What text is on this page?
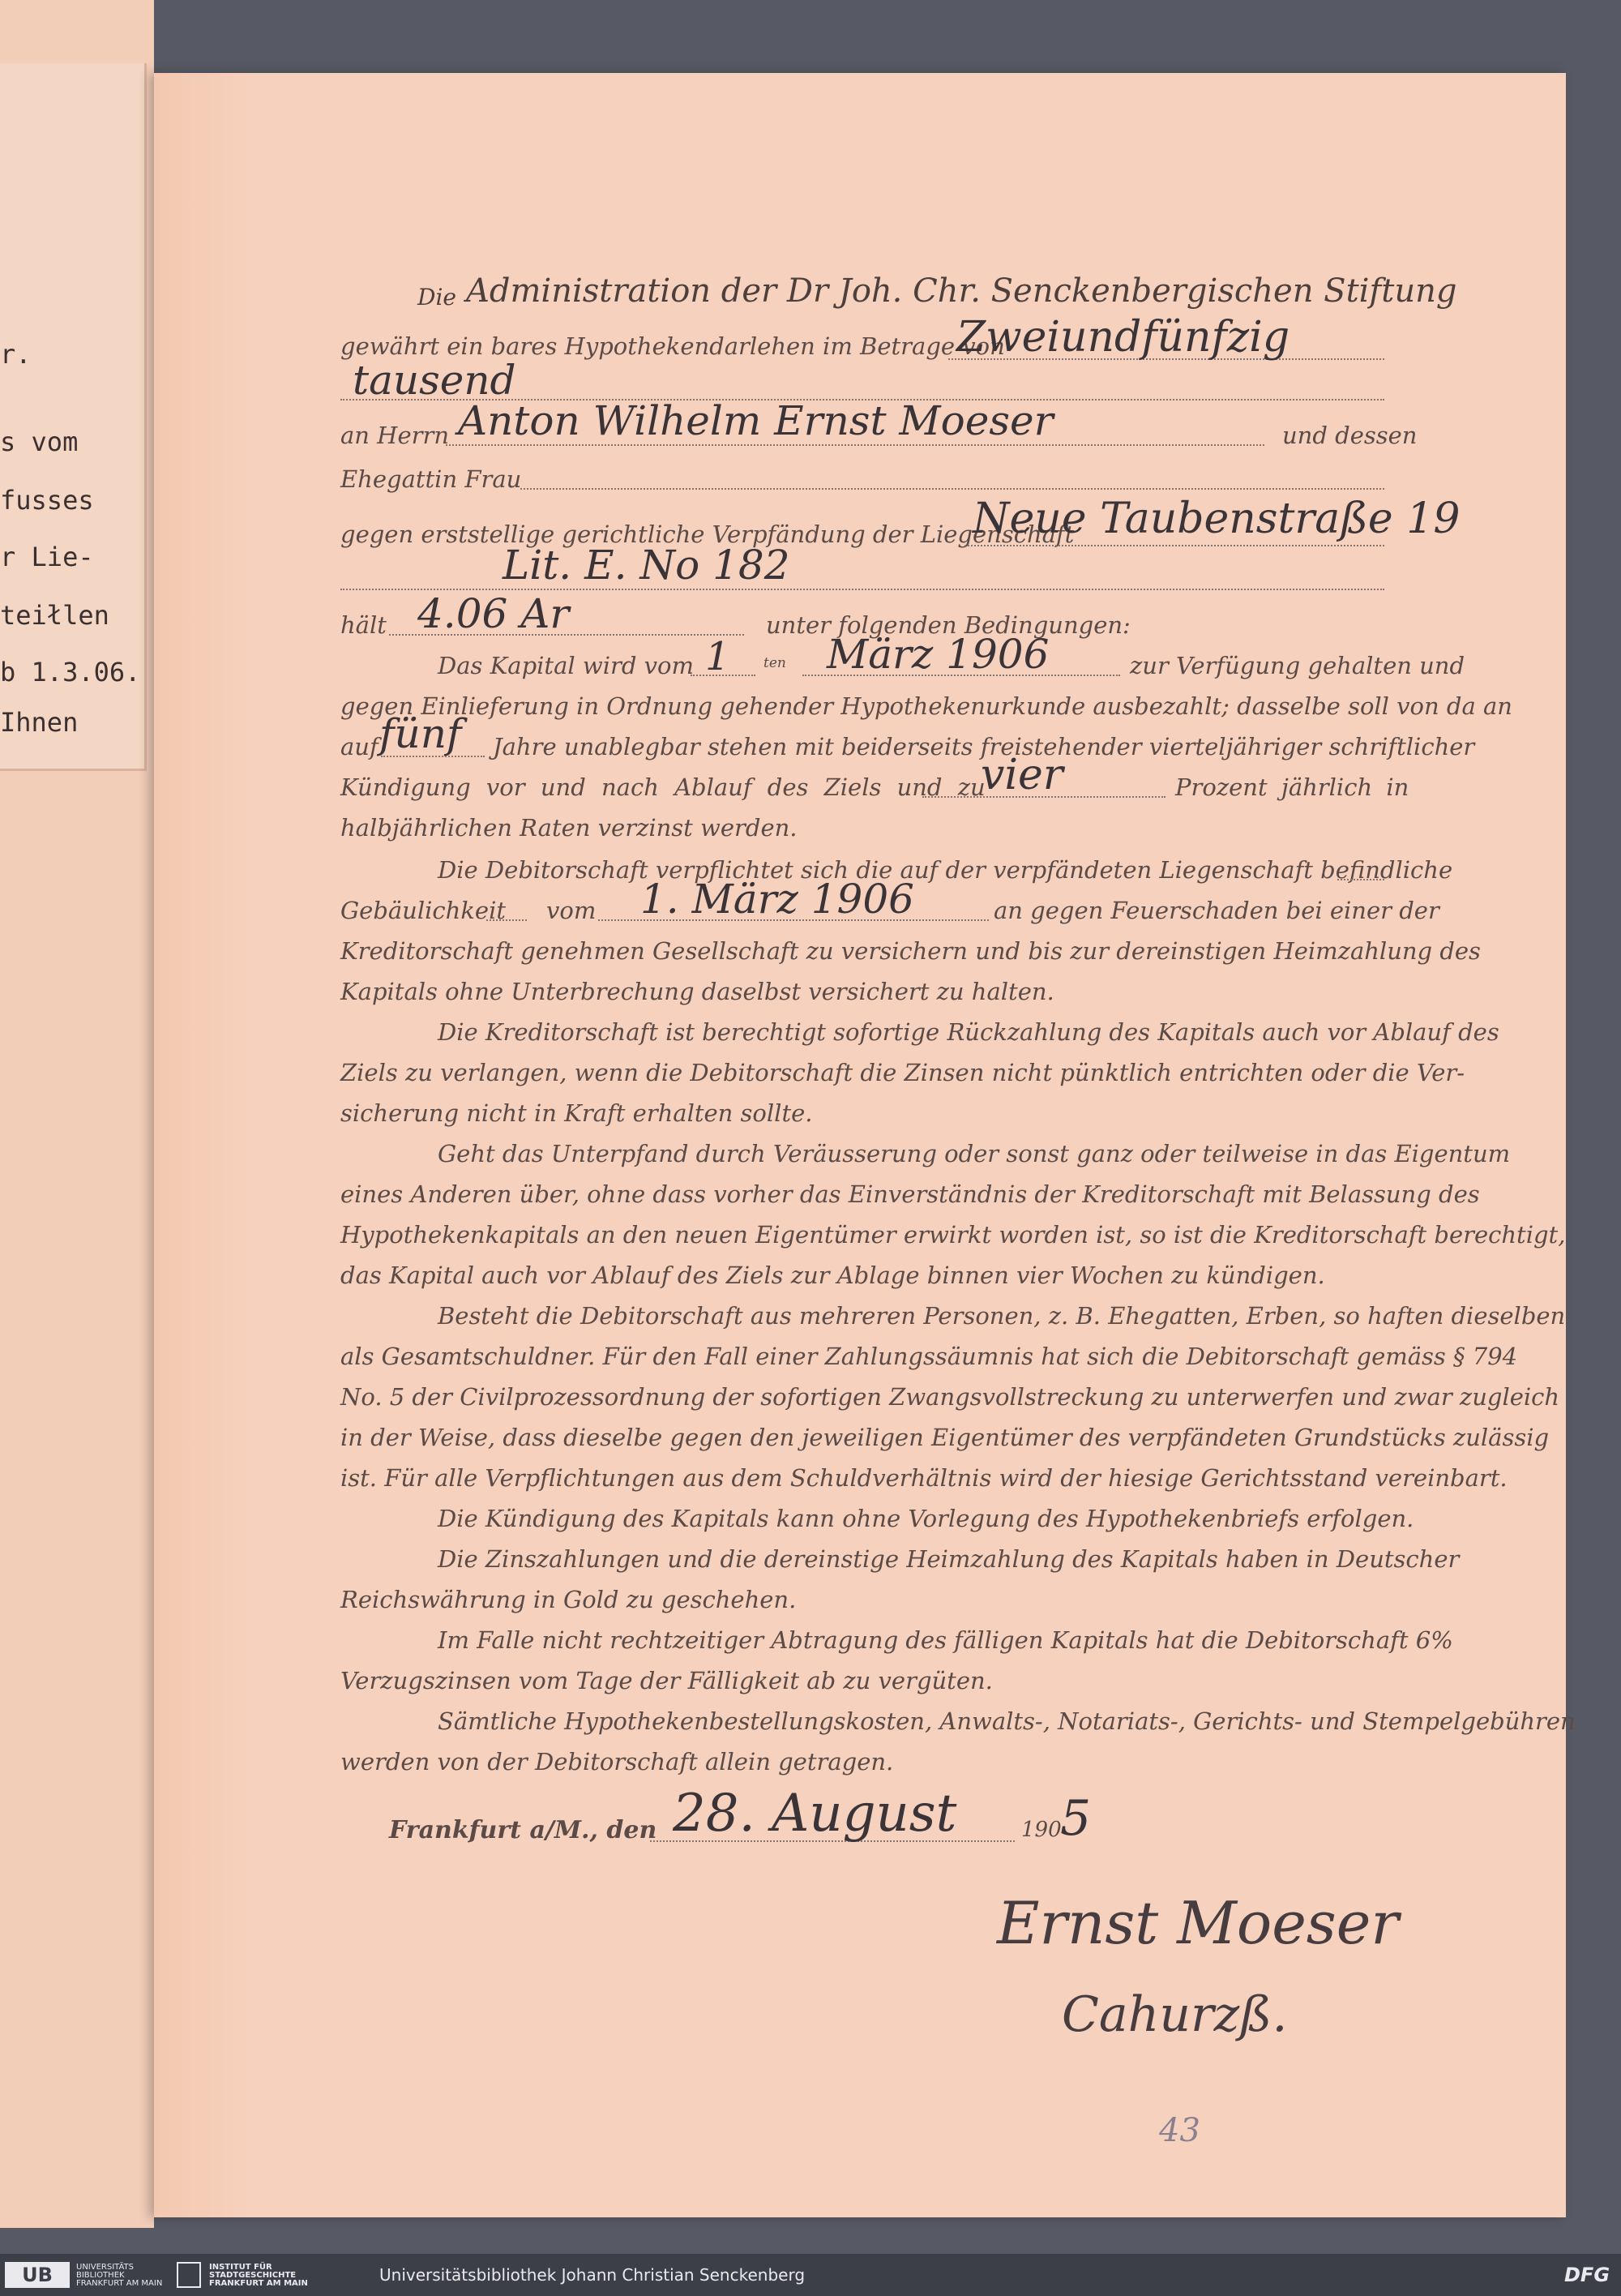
r.
s vom
fusses
r Lie-
teiłlen
b 1.3.06.
Ihnen
Die Administration der Dr Joh. Chr. Senckenbergischen Stiftung
gewährt ein bares Hypothekendarlehen im Betrage von
Zweiundfünfzig
tausend
an Herrn Anton Wilhelm Ernst Moeser	und dessen
Ehegattin Frau
gegen erststellige gerichtliche Verpfändung der Liegenschaft
Neue Taubenstraße 19
Lit. E. No 182
hält 4.06 Ar	unter folgenden Bedingungen:
Das Kapital wird vom 1 ten März 1906	zur Verfügung gehalten und
gegen Einlieferung in Ordnung gehender Hypothekenurkunde ausbezahlt; dasselbe soll von da an
auf fünf Jahre unablegbar stehen mit beiderseits freistehender vierteljähriger schriftlicher
Kündigung vor und nach Ablauf des Ziels und zu
vier	Prozent jährlich in
halbjährlichen Raten verzinst werden.
Die Debitorschaft verpflichtet sich die auf der verpfändeten Liegenschaft befindliche
Gebäulichkeit vom 1. März 1906	an gegen Feuerschaden bei einer der
Kreditorschaft genehmen Gesellschaft zu versichern und bis zur dereinstigen Heimzahlung des
Kapitals ohne Unterbrechung daselbst versichert zu halten.
Die Kreditorschaft ist berechtigt sofortige Rückzahlung des Kapitals auch vor Ablauf des
Ziels zu verlangen, wenn die Debitorschaft die Zinsen nicht pünktlich entrichten oder die Ver-
sicherung nicht in Kraft erhalten sollte.
Geht das Unterpfand durch Veräusserung oder sonst ganz oder teilweise in das Eigentum
eines Anderen über, ohne dass vorher das Einverständnis der Kreditorschaft mit Belassung des
Hypothekenkapitals an den neuen Eigentümer erwirkt worden ist, so ist die Kreditorschaft berechtigt,
das Kapital auch vor Ablauf des Ziels zur Ablage binnen vier Wochen zu kündigen.
Besteht die Debitorschaft aus mehreren Personen, z. B. Ehegatten, Erben, so haften dieselben
als Gesamtschuldner. Für den Fall einer Zahlungssäumnis hat sich die Debitorschaft gemäss § 794
No. 5 der Civilprozessordnung der sofortigen Zwangsvollstreckung zu unterwerfen und zwar zugleich
in der Weise, dass dieselbe gegen den jeweiligen Eigentümer des verpfändeten Grundstücks zulässig
ist. Für alle Verpflichtungen aus dem Schuldverhältnis wird der hiesige Gerichtsstand vereinbart.
Die Kündigung des Kapitals kann ohne Vorlegung des Hypothekenbriefs erfolgen.
Die Zinszahlungen und die dereinstige Heimzahlung des Kapitals haben in Deutscher
Reichswährung in Gold zu geschehen.
Im Falle nicht rechtzeitiger Abtragung des fälligen Kapitals hat die Debitorschaft 6%
Verzugszinsen vom Tage der Fälligkeit ab zu vergüten.
Sämtliche Hypothekenbestellungskosten, Anwalts-, Notariats-, Gerichts- und Stempelgebühren
werden von der Debitorschaft allein getragen.
Frankfurt a/M., den 28. August	190
5
Ernst Moeser
Cahurzß.
43
UB	UNIVERSITÄTS BIBLIOTHEK FRANKFURT AM MAIN
INSTITUT FÜR STADTGESCHICHTE FRANKFURT AM MAIN	Universitätsbibliothek Johann Christian Senckenberg	DFG
